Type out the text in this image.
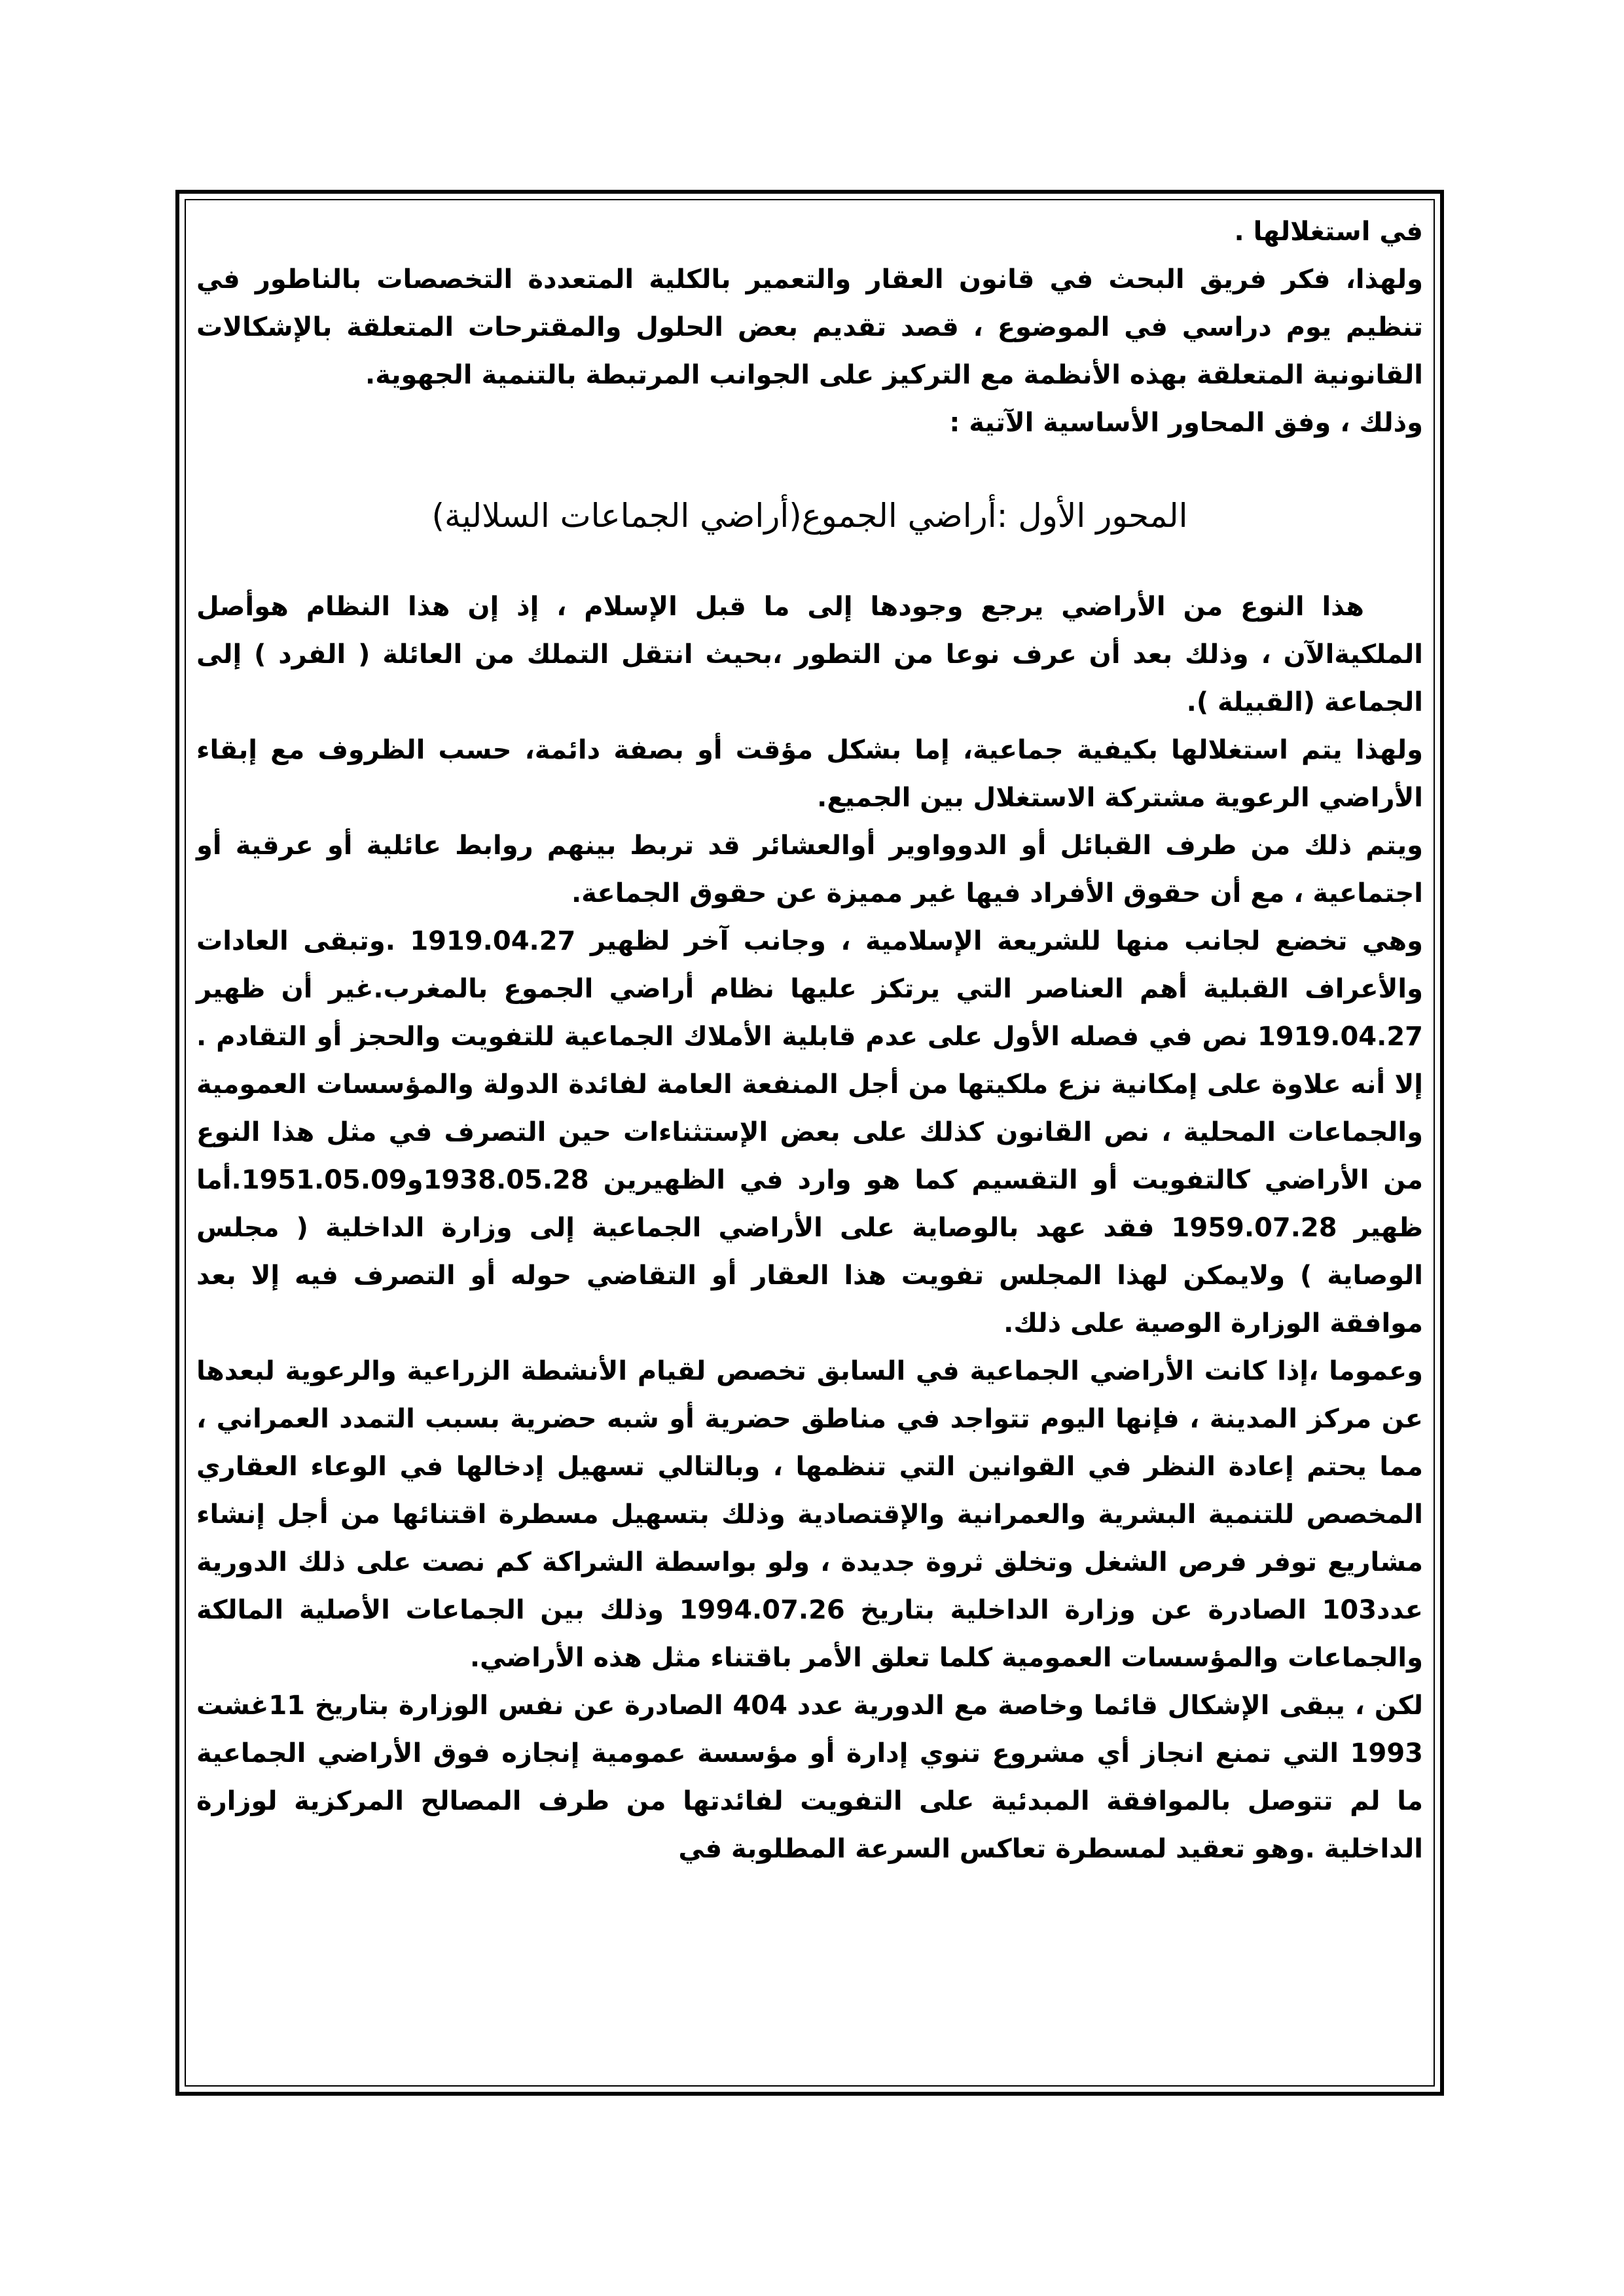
في استغلالها .

ولهذا، فكر فريق البحث في قانون العقار والتعمير بالكلية المتعددة التخصصات بالناطور في تنظيم يوم دراسي في الموضوع ، قصد تقديم بعض الحلول والمقترحات المتعلقة بالإشكالات القانونية المتعلقة بهذه الأنظمة مع التركيز على الجوانب المرتبطة بالتنمية الجهوية.

وذلك ، وفق المحاور الأساسية الآتية :

المحور الأول :أراضي الجموع(أراضي الجماعات السلالية)

هذا النوع من الأراضي يرجع وجودها إلى ما قبل الإسلام ، إذ إن هذا النظام هوأصل الملكيةالآن ، وذلك بعد أن عرف نوعا من التطور ،بحيث انتقل التملك من العائلة ( الفرد ) إلى الجماعة (القبيلة ).

ولهذا يتم استغلالها بكيفية جماعية، إما بشكل مؤقت أو بصفة دائمة، حسب الظروف مع إبقاء الأراضي الرعوية مشتركة الاستغلال بين الجميع.

ويتم ذلك من طرف القبائل أو الدوواوير أوالعشائر قد تربط بينهم روابط عائلية أو عرقية أو اجتماعية ، مع أن حقوق الأفراد فيها غير مميزة عن حقوق الجماعة.

وهي تخضع لجانب منها للشريعة الإسلامية ، وجانب آخر لظهير 1919.04.27 .وتبقى العادات والأعراف القبلية أهم العناصر التي يرتكز عليها نظام أراضي الجموع بالمغرب.غير أن ظهير 1919.04.27 نص في فصله الأول على عدم قابلية الأملاك الجماعية للتفويت والحجز أو التقادم . إلا أنه علاوة على إمكانية نزع ملكيتها من أجل المنفعة العامة لفائدة الدولة والمؤسسات العمومية والجماعات المحلية ، نص القانون كذلك على بعض الإستثناءات حين التصرف في مثل هذا النوع من الأراضي كالتفويت أو التقسيم كما هو وارد في الظهيرين 1938.05.28و1951.05.09.أما ظهير 1959.07.28 فقد عهد بالوصاية على الأراضي الجماعية إلى وزارة الداخلية ( مجلس الوصاية ) ولايمكن لهذا المجلس تفويت هذا العقار أو التقاضي حوله أو التصرف فيه إلا بعد موافقة الوزارة الوصية على ذلك.

وعموما ،إذا كانت الأراضي الجماعية في السابق تخصص لقيام الأنشطة الزراعية والرعوية لبعدها عن مركز المدينة ، فإنها اليوم تتواجد في مناطق حضرية أو شبه حضرية بسبب التمدد العمراني ، مما يحتم إعادة النظر في القوانين التي تنظمها ، وبالتالي تسهيل إدخالها في الوعاء العقاري المخصص للتنمية البشرية والعمرانية والإقتصادية وذلك بتسهيل مسطرة اقتنائها من أجل إنشاء مشاريع توفر فرص الشغل وتخلق ثروة جديدة ، ولو بواسطة الشراكة كم نصت على ذلك الدورية عدد103 الصادرة عن وزارة الداخلية بتاريخ 1994.07.26 وذلك بين الجماعات الأصلية المالكة والجماعات والمؤسسات العمومية كلما تعلق الأمر باقتناء مثل هذه الأراضي.

لكن ، يبقى الإشكال قائما وخاصة مع الدورية عدد 404 الصادرة عن نفس الوزارة بتاريخ 11غشت 1993 التي تمنع انجاز أي مشروع تنوي إدارة أو مؤسسة عمومية إنجازه فوق الأراضي الجماعية ما لم تتوصل بالموافقة المبدئية على التفويت لفائدتها من طرف المصالح المركزية لوزارة الداخلية .وهو تعقيد لمسطرة تعاكس السرعة المطلوبة في
